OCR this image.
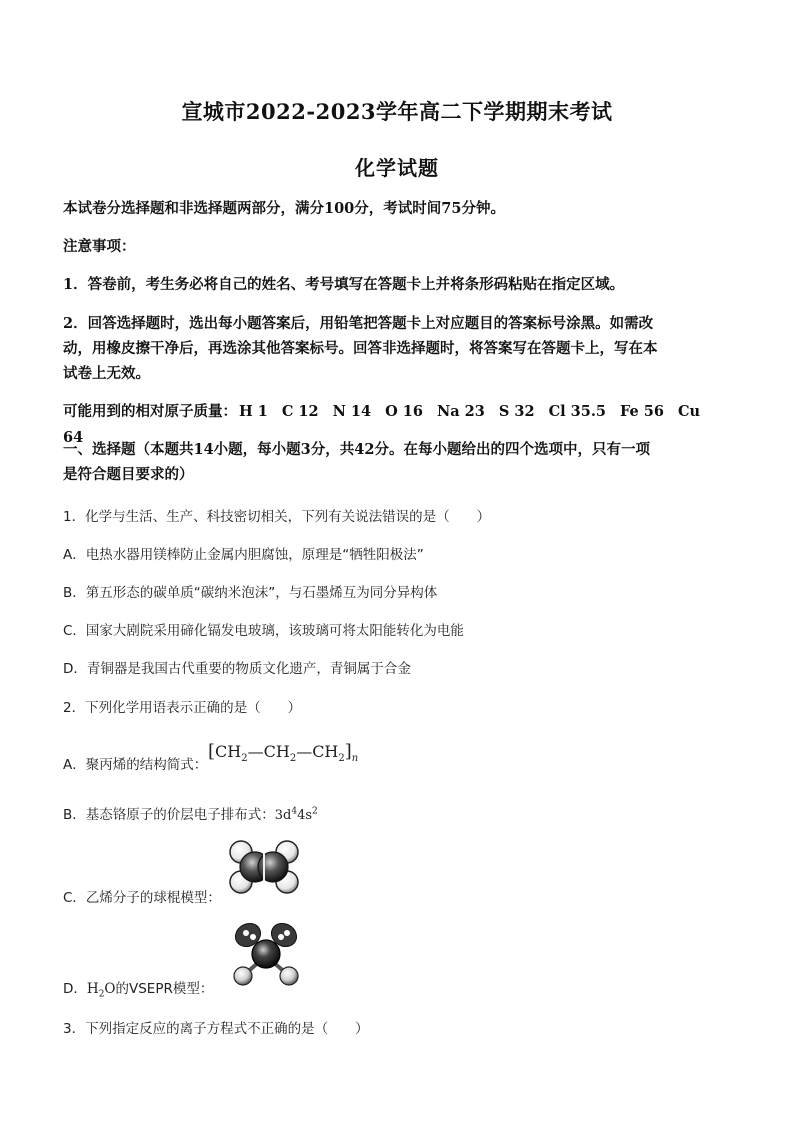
宣城市2022-2023学年高二下学期期末考试
化学试题
本试卷分选择题和非选择题两部分，满分100分，考试时间75分钟。
注意事项：
1．答卷前，考生务必将自己的姓名、考号填写在答题卡上并将条形码粘贴在指定区域。
2．回答选择题时，选出每小题答案后，用铅笔把答题卡上对应题目的答案标号涂黑。如需改
动，用橡皮擦干净后，再选涂其他答案标号。回答非选择题时，将答案写在答题卡上，写在本
试卷上无效。
可能用到的相对原子质量： H 1 C 12 N 14 O 16 Na 23 S 32 Cl 35.5 Fe 56 Cu 64
一、选择题（本题共14小题，每小题3分，共42分。在每小题给出的四个选项中，只有一项
是符合题目要求的）
1．化学与生活、生产、科技密切相关，下列有关说法错误的是（　　）
A．电热水器用镁棒防止金属内胆腐蚀，原理是“牺牲阳极法”
B．第五形态的碳单质“碳纳米泡沫”，与石墨烯互为同分异构体
C．国家大剧院采用碲化镉发电玻璃，该玻璃可将太阳能转化为电能
D．青铜器是我国古代重要的物质文化遗产，青铜属于合金
2．下列化学用语表示正确的是（　　）
A．聚丙烯的结构简式：
$[CH_2—CH_2—CH_2]_n$
B．基态铬原子的价层电子排布式：$3d^44s^2$
C．乙烯分子的球棍模型：
D．$H_2O$的VSEPR模型：
3．下列指定反应的离子方程式不正确的是（　　）
